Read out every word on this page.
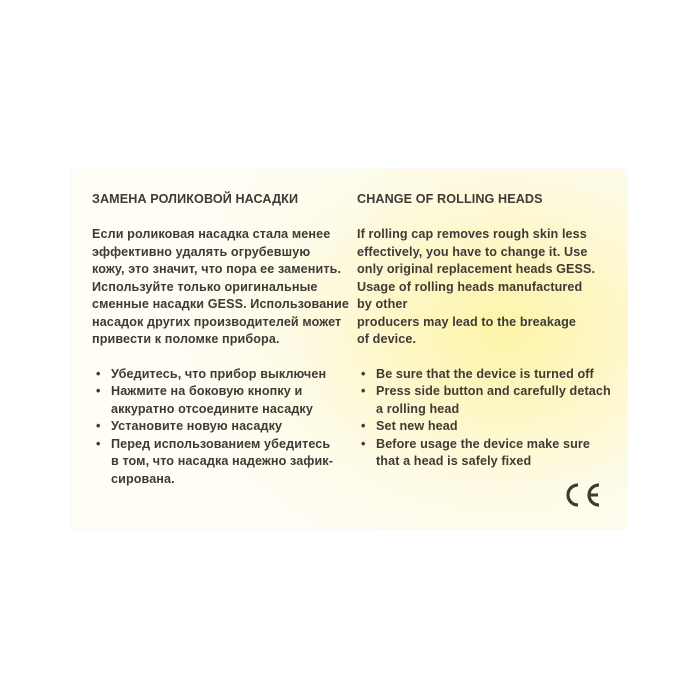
ЗАМЕНА РОЛИКОВОЙ НАСАДКИ
Если роликовая насадка стала менее
эффективно удалять огрубевшую
кожу, это значит, что пора ее заменить.
Используйте только оригинальные
сменные насадки GESS. Использование
насадок других производителей может
привести к поломке прибора.
• Убедитесь, что прибор выключен
• Нажмите на боковую кнопку и
аккуратно отсоедините насадку
• Установите новую насадку
• Перед использованием убедитесь
в том, что насадка надежно зафик-
сирована.
CHANGE OF ROLLING HEADS
If rolling cap removes rough skin less
effectively, you have to change it. Use
only original replacement heads GESS.
Usage of rolling heads manufactured
by other
producers may lead to the breakage
of device.
• Be sure that the device is turned off
• Press side button and carefully detach
a rolling head
• Set new head
• Before usage the device make sure
that a head is safely fixed
